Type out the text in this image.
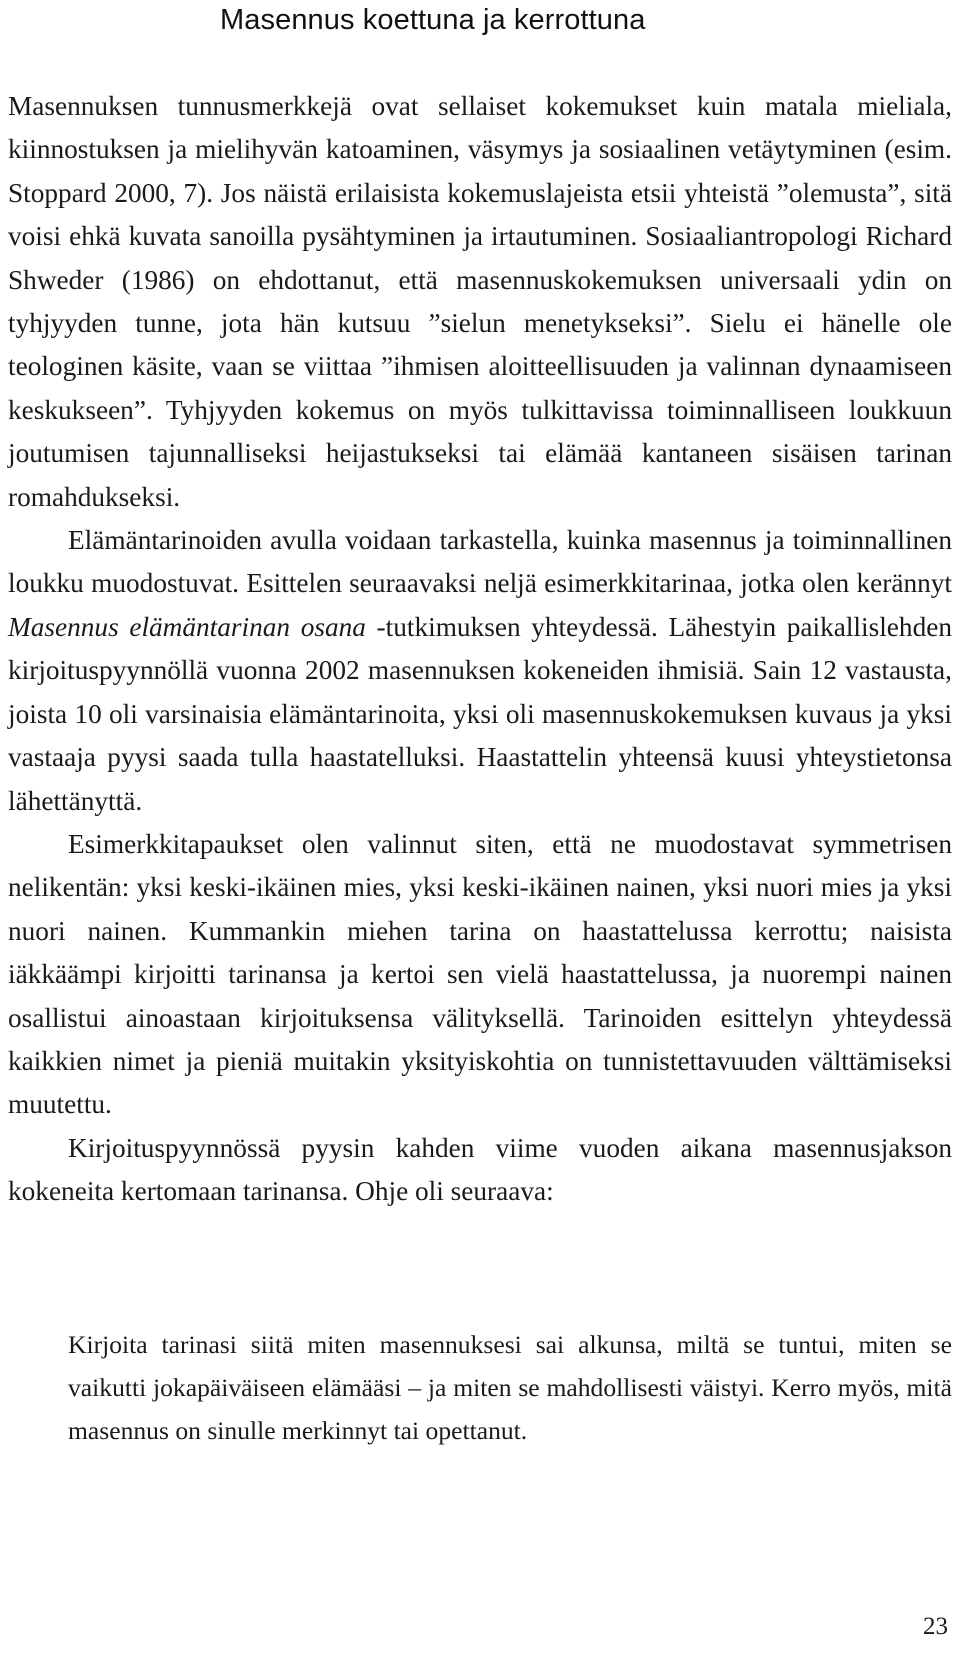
Masennus koettuna ja kerrottuna

Masennuksen tunnusmerkkejä ovat sellaiset kokemukset kuin matala mieliala, kiinnostuksen ja mielihyvän katoaminen, väsymys ja sosiaalinen vetäytyminen (esim. Stoppard 2000, 7). Jos näistä erilaisista kokemuslajeista etsii yhteistä ”olemusta”, sitä voisi ehkä kuvata sanoilla pysähtyminen ja irtautuminen. Sosiaaliantropologi Richard Shweder (1986) on ehdottanut, että masennuskokemuksen universaali ydin on tyhjyyden tunne, jota hän kutsuu ”sielun menetykseksi”. Sielu ei hänelle ole teologinen käsite, vaan se viittaa ”ihmisen aloitteellisuuden ja valinnan dynaamiseen keskukseen”. Tyhjyyden kokemus on myös tulkittavissa toiminnalliseen loukkuun joutumisen tajunnalliseksi heijastukseksi tai elämää kantaneen sisäisen tarinan romahdukseksi.

Elämäntarinoiden avulla voidaan tarkastella, kuinka masennus ja toiminnallinen loukku muodostuvat. Esittelen seuraavaksi neljä esimerkkitarinaa, jotka olen kerännyt Masennus elämäntarinan osana -tutkimuksen yhteydessä. Lähestyin paikallislehden kirjoituspyynnöllä vuonna 2002 masennuksen kokeneiden ihmisiä. Sain 12 vastausta, joista 10 oli varsinaisia elämäntarinoita, yksi oli masennuskokemuksen kuvaus ja yksi vastaaja pyysi saada tulla haastatelluksi. Haastattelin yhteensä kuusi yhteystietonsa lähettänyttä.

Esimerkkitapaukset olen valinnut siten, että ne muodostavat symmetrisen nelikentän: yksi keski-ikäinen mies, yksi keski-ikäinen nainen, yksi nuori mies ja yksi nuori nainen. Kummankin miehen tarina on haastattelussa kerrottu; naisista iäkkäämpi kirjoitti tarinansa ja kertoi sen vielä haastattelussa, ja nuorempi nainen osallistui ainoastaan kirjoituksensa välityksellä. Tarinoiden esittelyn yhteydessä kaikkien nimet ja pieniä muitakin yksityiskohtia on tunnistettavuuden välttämiseksi muutettu.

Kirjoituspyynnössä pyysin kahden viime vuoden aikana masennusjakson kokeneita kertomaan tarinansa. Ohje oli seuraava:

Kirjoita tarinasi siitä miten masennuksesi sai alkunsa, miltä se tuntui, miten se vaikutti jokapäiväiseen elämääsi – ja miten se mahdollisesti väistyi. Kerro myös, mitä masennus on sinulle merkinnyt tai opettanut.

23
